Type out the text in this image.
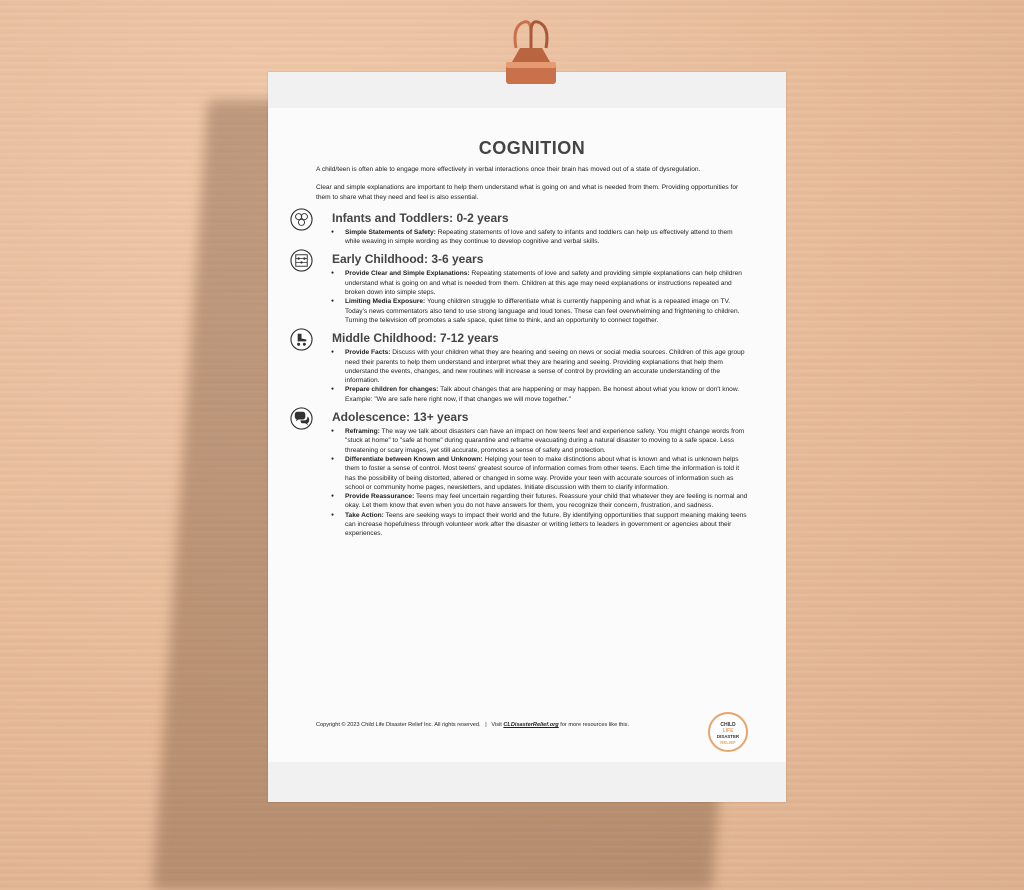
COGNITION

A child/teen is often able to engage more effectively in verbal interactions once their brain has moved out of a state of dysregulation.

Clear and simple explanations are important to help them understand what is going on and what is needed from them. Providing opportunities for them to share what they need and feel is also essential.

Infants and Toddlers: 0-2 years
● Simple Statements of Safety: Repeating statements of love and safety to infants and toddlers can help us effectively attend to them while weaving in simple wording as they continue to develop cognitive and verbal skills.
Early Childhood: 3-6 years
● Provide Clear and Simple Explanations: Repeating statements of love and safety and providing simple explanations can help children understand what is going on and what is needed from them. Children at this age may need explanations or instructions repeated and broken down into simple steps.
● Limiting Media Exposure: Young children struggle to differentiate what is currently happening and what is a repeated image on TV. Today's news commentators also tend to use strong language and loud tones. These can feel overwhelming and frightening to children. Turning the television off promotes a safe space, quiet time to think, and an opportunity to connect together.
Middle Childhood: 7-12 years
● Provide Facts: Discuss with your children what they are hearing and seeing on news or social media sources. Children of this age group need their parents to help them understand and interpret what they are hearing and seeing. Providing explanations that help them understand the events, changes, and new routines will increase a sense of control by providing an accurate understanding of the information.
● Prepare children for changes: Talk about changes that are happening or may happen. Be honest about what you know or don't know. Example: "We are safe here right now, if that changes we will move together."
Adolescence: 13+ years
● Reframing: The way we talk about disasters can have an impact on how teens feel and experience safety. You might change words from "stuck at home" to "safe at home" during quarantine and reframe evacuating during a natural disaster to moving to a safe space. Less threatening or scary images, yet still accurate, promotes a sense of safety and protection.
● Differentiate between Known and Unknown: Helping your teen to make distinctions about what is known and what is unknown helps them to foster a sense of control. Most teens' greatest source of information comes from other teens. Each time the information is told it has the possibility of being distorted, altered or changed in some way. Provide your teen with accurate sources of information such as school or community home pages, newsletters, and updates. Initiate discussion with them to clarify information.
● Provide Reassurance: Teens may feel uncertain regarding their futures. Reassure your child that whatever they are feeling is normal and okay. Let them know that even when you do not have answers for them, you recognize their concern, frustration, and sadness.
● Take Action: Teens are seeking ways to impact their world and the future. By identifying opportunities that support meaning making teens can increase hopefulness through volunteer work after the disaster or writing letters to leaders in government or agencies about their experiences.
Copyright © 2023 Child Life Disaster Relief Inc. All rights reserved. | Visit CLDisasterRelief.org for more resources like this.	CHILD
LIFE
DISASTER
RELIEF
